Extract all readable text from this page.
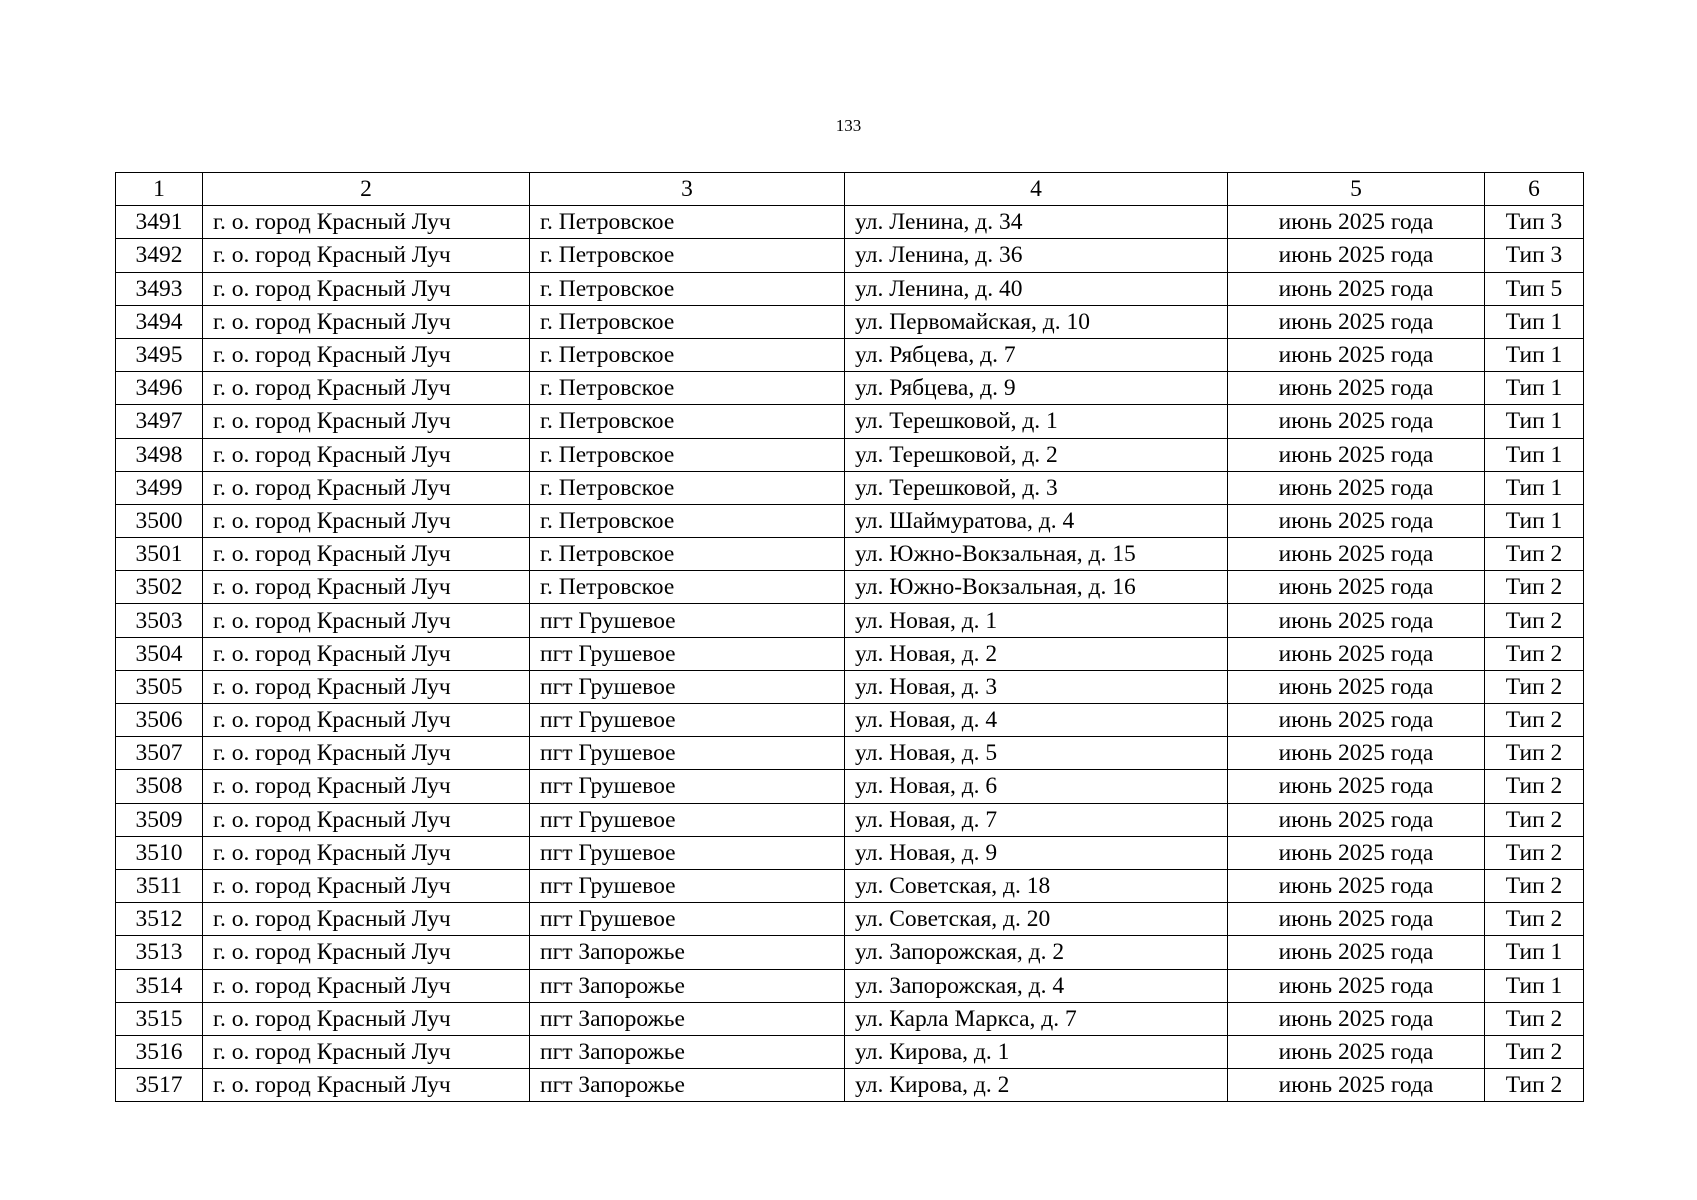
133
1	2	3	4	5	6
3491	г. о. город Красный Луч	г. Петровское	ул. Ленина, д. 34	июнь 2025 года	Тип 3
3492	г. о. город Красный Луч	г. Петровское	ул. Ленина, д. 36	июнь 2025 года	Тип 3
3493	г. о. город Красный Луч	г. Петровское	ул. Ленина, д. 40	июнь 2025 года	Тип 5
3494	г. о. город Красный Луч	г. Петровское	ул. Первомайская, д. 10	июнь 2025 года	Тип 1
3495	г. о. город Красный Луч	г. Петровское	ул. Рябцева, д. 7	июнь 2025 года	Тип 1
3496	г. о. город Красный Луч	г. Петровское	ул. Рябцева, д. 9	июнь 2025 года	Тип 1
3497	г. о. город Красный Луч	г. Петровское	ул. Терешковой, д. 1	июнь 2025 года	Тип 1
3498	г. о. город Красный Луч	г. Петровское	ул. Терешковой, д. 2	июнь 2025 года	Тип 1
3499	г. о. город Красный Луч	г. Петровское	ул. Терешковой, д. 3	июнь 2025 года	Тип 1
3500	г. о. город Красный Луч	г. Петровское	ул. Шаймуратова, д. 4	июнь 2025 года	Тип 1
3501	г. о. город Красный Луч	г. Петровское	ул. Южно-Вокзальная, д. 15	июнь 2025 года	Тип 2
3502	г. о. город Красный Луч	г. Петровское	ул. Южно-Вокзальная, д. 16	июнь 2025 года	Тип 2
3503	г. о. город Красный Луч	пгт Грушевое	ул. Новая, д. 1	июнь 2025 года	Тип 2
3504	г. о. город Красный Луч	пгт Грушевое	ул. Новая, д. 2	июнь 2025 года	Тип 2
3505	г. о. город Красный Луч	пгт Грушевое	ул. Новая, д. 3	июнь 2025 года	Тип 2
3506	г. о. город Красный Луч	пгт Грушевое	ул. Новая, д. 4	июнь 2025 года	Тип 2
3507	г. о. город Красный Луч	пгт Грушевое	ул. Новая, д. 5	июнь 2025 года	Тип 2
3508	г. о. город Красный Луч	пгт Грушевое	ул. Новая, д. 6	июнь 2025 года	Тип 2
3509	г. о. город Красный Луч	пгт Грушевое	ул. Новая, д. 7	июнь 2025 года	Тип 2
3510	г. о. город Красный Луч	пгт Грушевое	ул. Новая, д. 9	июнь 2025 года	Тип 2
3511	г. о. город Красный Луч	пгт Грушевое	ул. Советская, д. 18	июнь 2025 года	Тип 2
3512	г. о. город Красный Луч	пгт Грушевое	ул. Советская, д. 20	июнь 2025 года	Тип 2
3513	г. о. город Красный Луч	пгт Запорожье	ул. Запорожская, д. 2	июнь 2025 года	Тип 1
3514	г. о. город Красный Луч	пгт Запорожье	ул. Запорожская, д. 4	июнь 2025 года	Тип 1
3515	г. о. город Красный Луч	пгт Запорожье	ул. Карла Маркса, д. 7	июнь 2025 года	Тип 2
3516	г. о. город Красный Луч	пгт Запорожье	ул. Кирова, д. 1	июнь 2025 года	Тип 2
3517	г. о. город Красный Луч	пгт Запорожье	ул. Кирова, д. 2	июнь 2025 года	Тип 2
